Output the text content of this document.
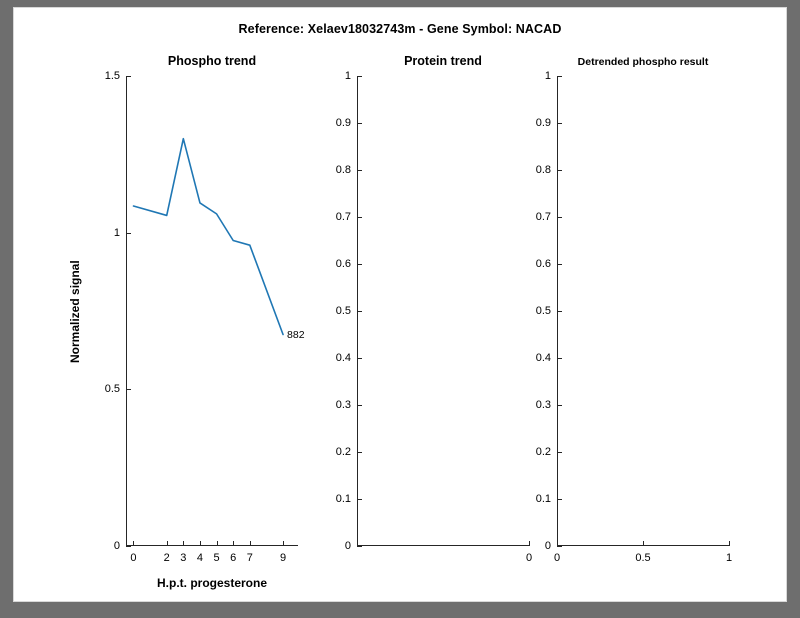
Reference: Xelaev18032743m - Gene Symbol: NACAD
Phospho trend
0
0.5
1
1.5
0 2 3 4 5 6 7 9
882
H.p.t. progesterone
Normalized signal
Protein trend
0
0.1
0.2
0.3
0.4
0.5
0.6
0.7
0.8
0.9
1
0
Detrended phospho result
0
0.1
0.2
0.3
0.4
0.5
0.6
0.7
0.8
0.9
1
0	0.5	1
